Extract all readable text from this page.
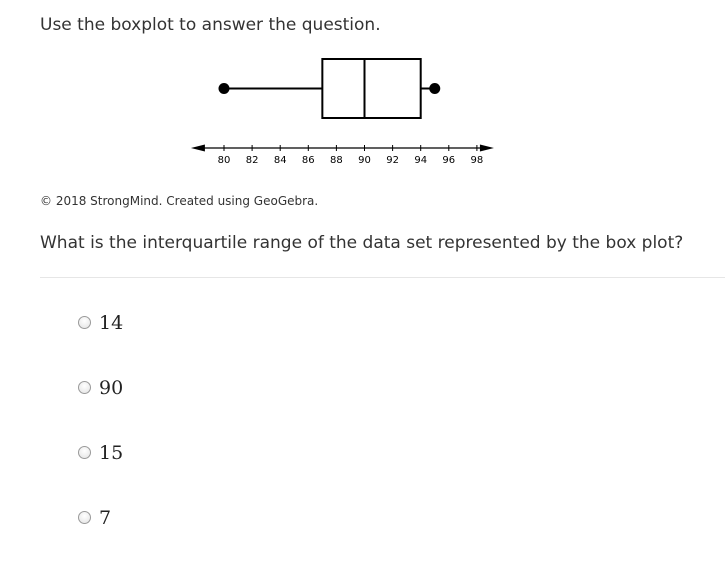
Use the boxplot to answer the question.

80 82 84 86 88 90 92 94 96 98
© 2018 StrongMind. Created using GeoGebra.

What is the interquartile range of the data set represented by the box plot?

14
90
15
7
